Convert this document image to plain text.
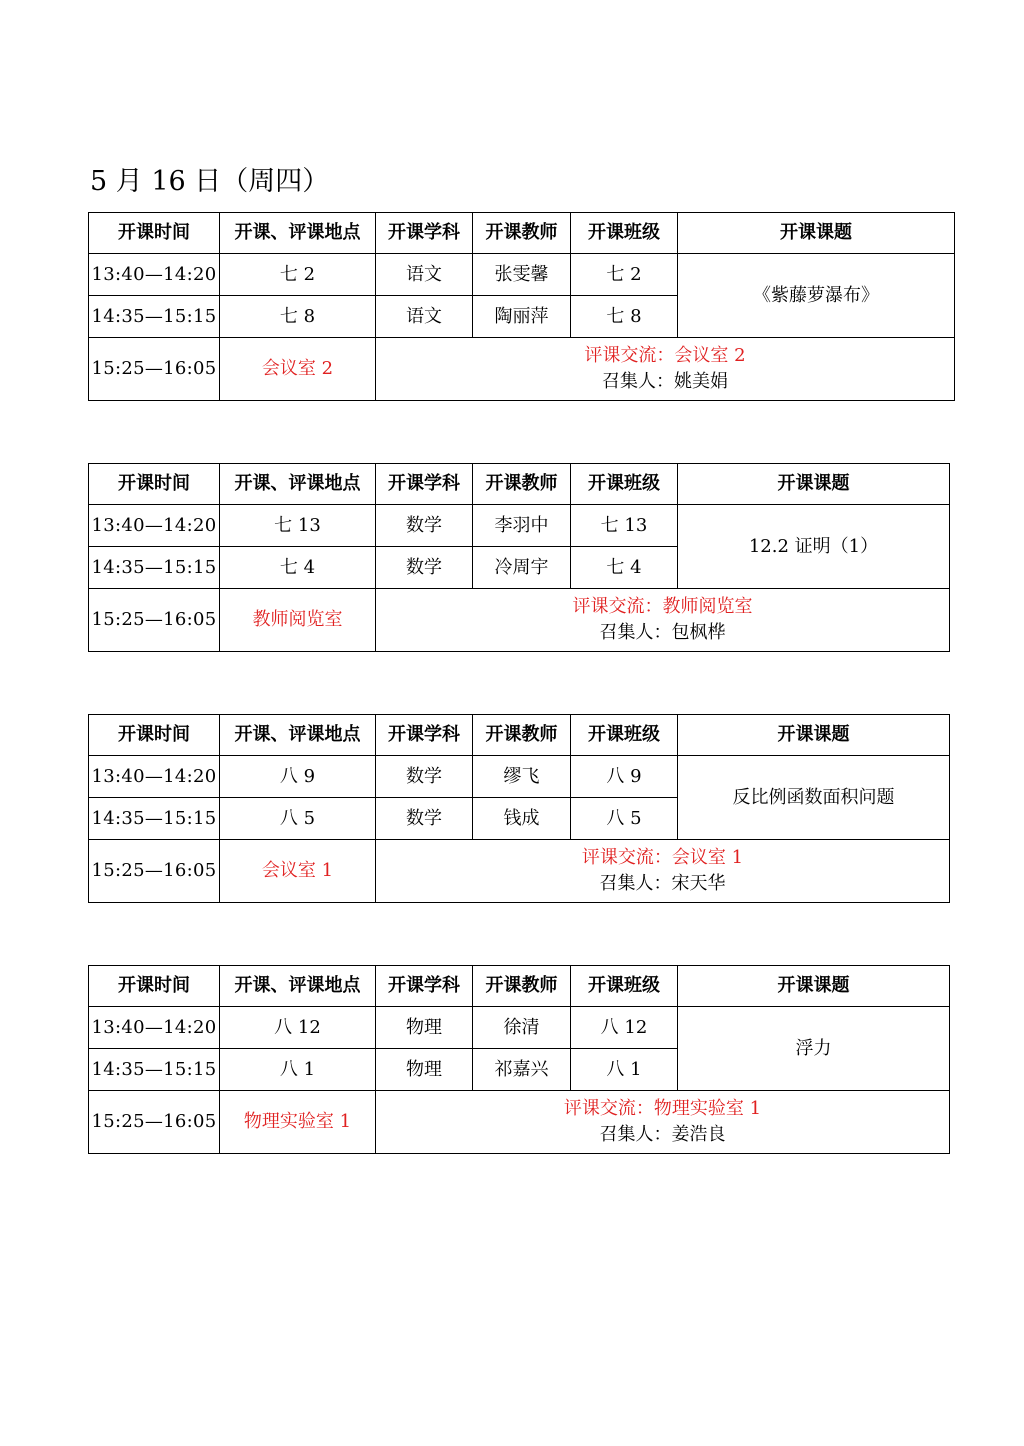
5 月 16 日（周四）
开课时间	开课、评课地点	开课学科	开课教师	开课班级	开课课题
13:40—14:20	七 2	语文	张雯馨	七 2	《紫藤萝瀑布》
14:35—15:15	七 8	语文	陶丽萍	七 8	
15:25—16:05	会议室 2	评课交流：会议室 2
召集人：姚美娟			
开课时间	开课、评课地点	开课学科	开课教师	开课班级	开课课题
13:40—14:20	七 13	数学	李羽中	七 13	12.2 证明（1）
14:35—15:15	七 4	数学	冷周宇	七 4	
15:25—16:05	教师阅览室	评课交流：教师阅览室
召集人：包枫桦			
开课时间	开课、评课地点	开课学科	开课教师	开课班级	开课课题
13:40—14:20	八 9	数学	缪飞	八 9	反比例函数面积问题
14:35—15:15	八 5	数学	钱成	八 5	
15:25—16:05	会议室 1	评课交流：会议室 1
召集人：宋天华			
开课时间	开课、评课地点	开课学科	开课教师	开课班级	开课课题
13:40—14:20	八 12	物理	徐清	八 12	浮力
14:35—15:15	八 1	物理	祁嘉兴	八 1	
15:25—16:05	物理实验室 1	评课交流：物理实验室 1
召集人：姜浩良			
